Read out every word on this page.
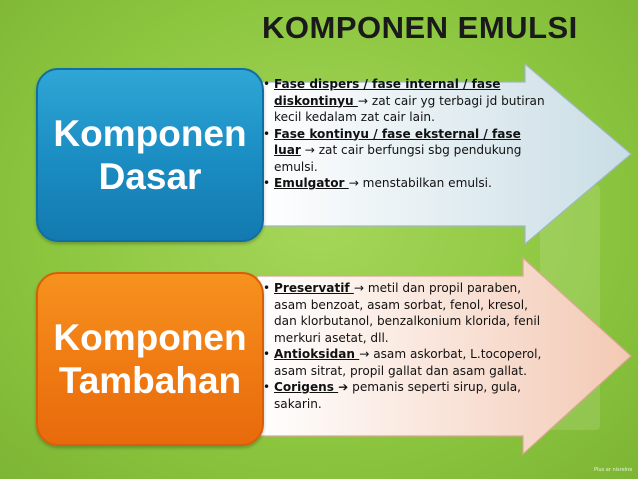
KOMPONEN EMULSI
• Fase dispers / fase internal / fase diskontinyu → zat cair yg terbagi jd butiran kecil kedalam zat cair lain.
• Fase kontinyu / fase eksternal / fase luar → zat cair berfungsi sbg pendukung emulsi.
• Emulgator → menstabilkan emulsi.
• Preservatif → metil dan propil paraben, asam benzoat, asam sorbat, fenol, kresol, dan klorbutanol, benzalkonium klorida, fenil merkuri asetat, dll.
• Antioksidan → asam askorbat, L.tocoperol, asam sitrat, propil gallat dan asam gallat.
• Corigens ➔ pemanis seperti sirup, gula, sakarin.
Komponen
Dasar
Komponen
Tambahan
Plus ar nisrelne
